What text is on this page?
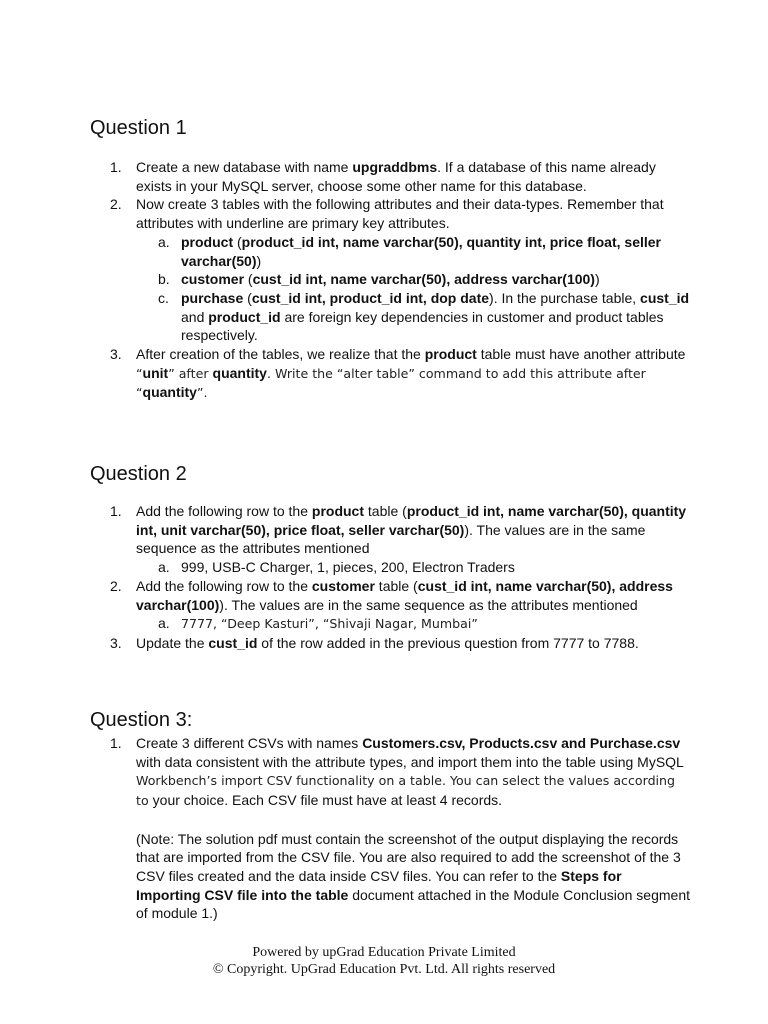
Question 1
1. Create a new database with name upgraddbms. If a database of this name already exists in your MySQL server, choose some other name for this database.
2. Now create 3 tables with the following attributes and their data-types. Remember that attributes with underline are primary key attributes.
a. product (product_id int, name varchar(50), quantity int, price float, seller varchar(50))
b. customer (cust_id int, name varchar(50), address varchar(100))
c. purchase (cust_id int, product_id int, dop date). In the purchase table, cust_id and product_id are foreign key dependencies in customer and product tables respectively.
3. After creation of the tables, we realize that the product table must have another attribute “unit” after quantity. Write the “alter table” command to add this attribute after “quantity”.
Question 2
1. Add the following row to the product table (product_id int, name varchar(50), quantity int, unit varchar(50), price float, seller varchar(50)). The values are in the same sequence as the attributes mentioned
a. 999, USB-C Charger, 1, pieces, 200, Electron Traders
2. Add the following row to the customer table (cust_id int, name varchar(50), address varchar(100)). The values are in the same sequence as the attributes mentioned
a. 7777, “Deep Kasturi”, “Shivaji Nagar, Mumbai”
3. Update the cust_id of the row added in the previous question from 7777 to 7788.
Question 3:
1. Create 3 different CSVs with names Customers.csv, Products.csv and Purchase.csv with data consistent with the attribute types, and import them into the table using MySQL Workbench’s import CSV functionality on a table. You can select the values according to your choice. Each CSV file must have at least 4 records.
(Note: The solution pdf must contain the screenshot of the output displaying the records that are imported from the CSV file. You are also required to add the screenshot of the 3 CSV files created and the data inside CSV files. You can refer to the Steps for Importing CSV file into the table document attached in the Module Conclusion segment of module 1.)
Powered by upGrad Education Private Limited
© Copyright. UpGrad Education Pvt. Ltd. All rights reserved
